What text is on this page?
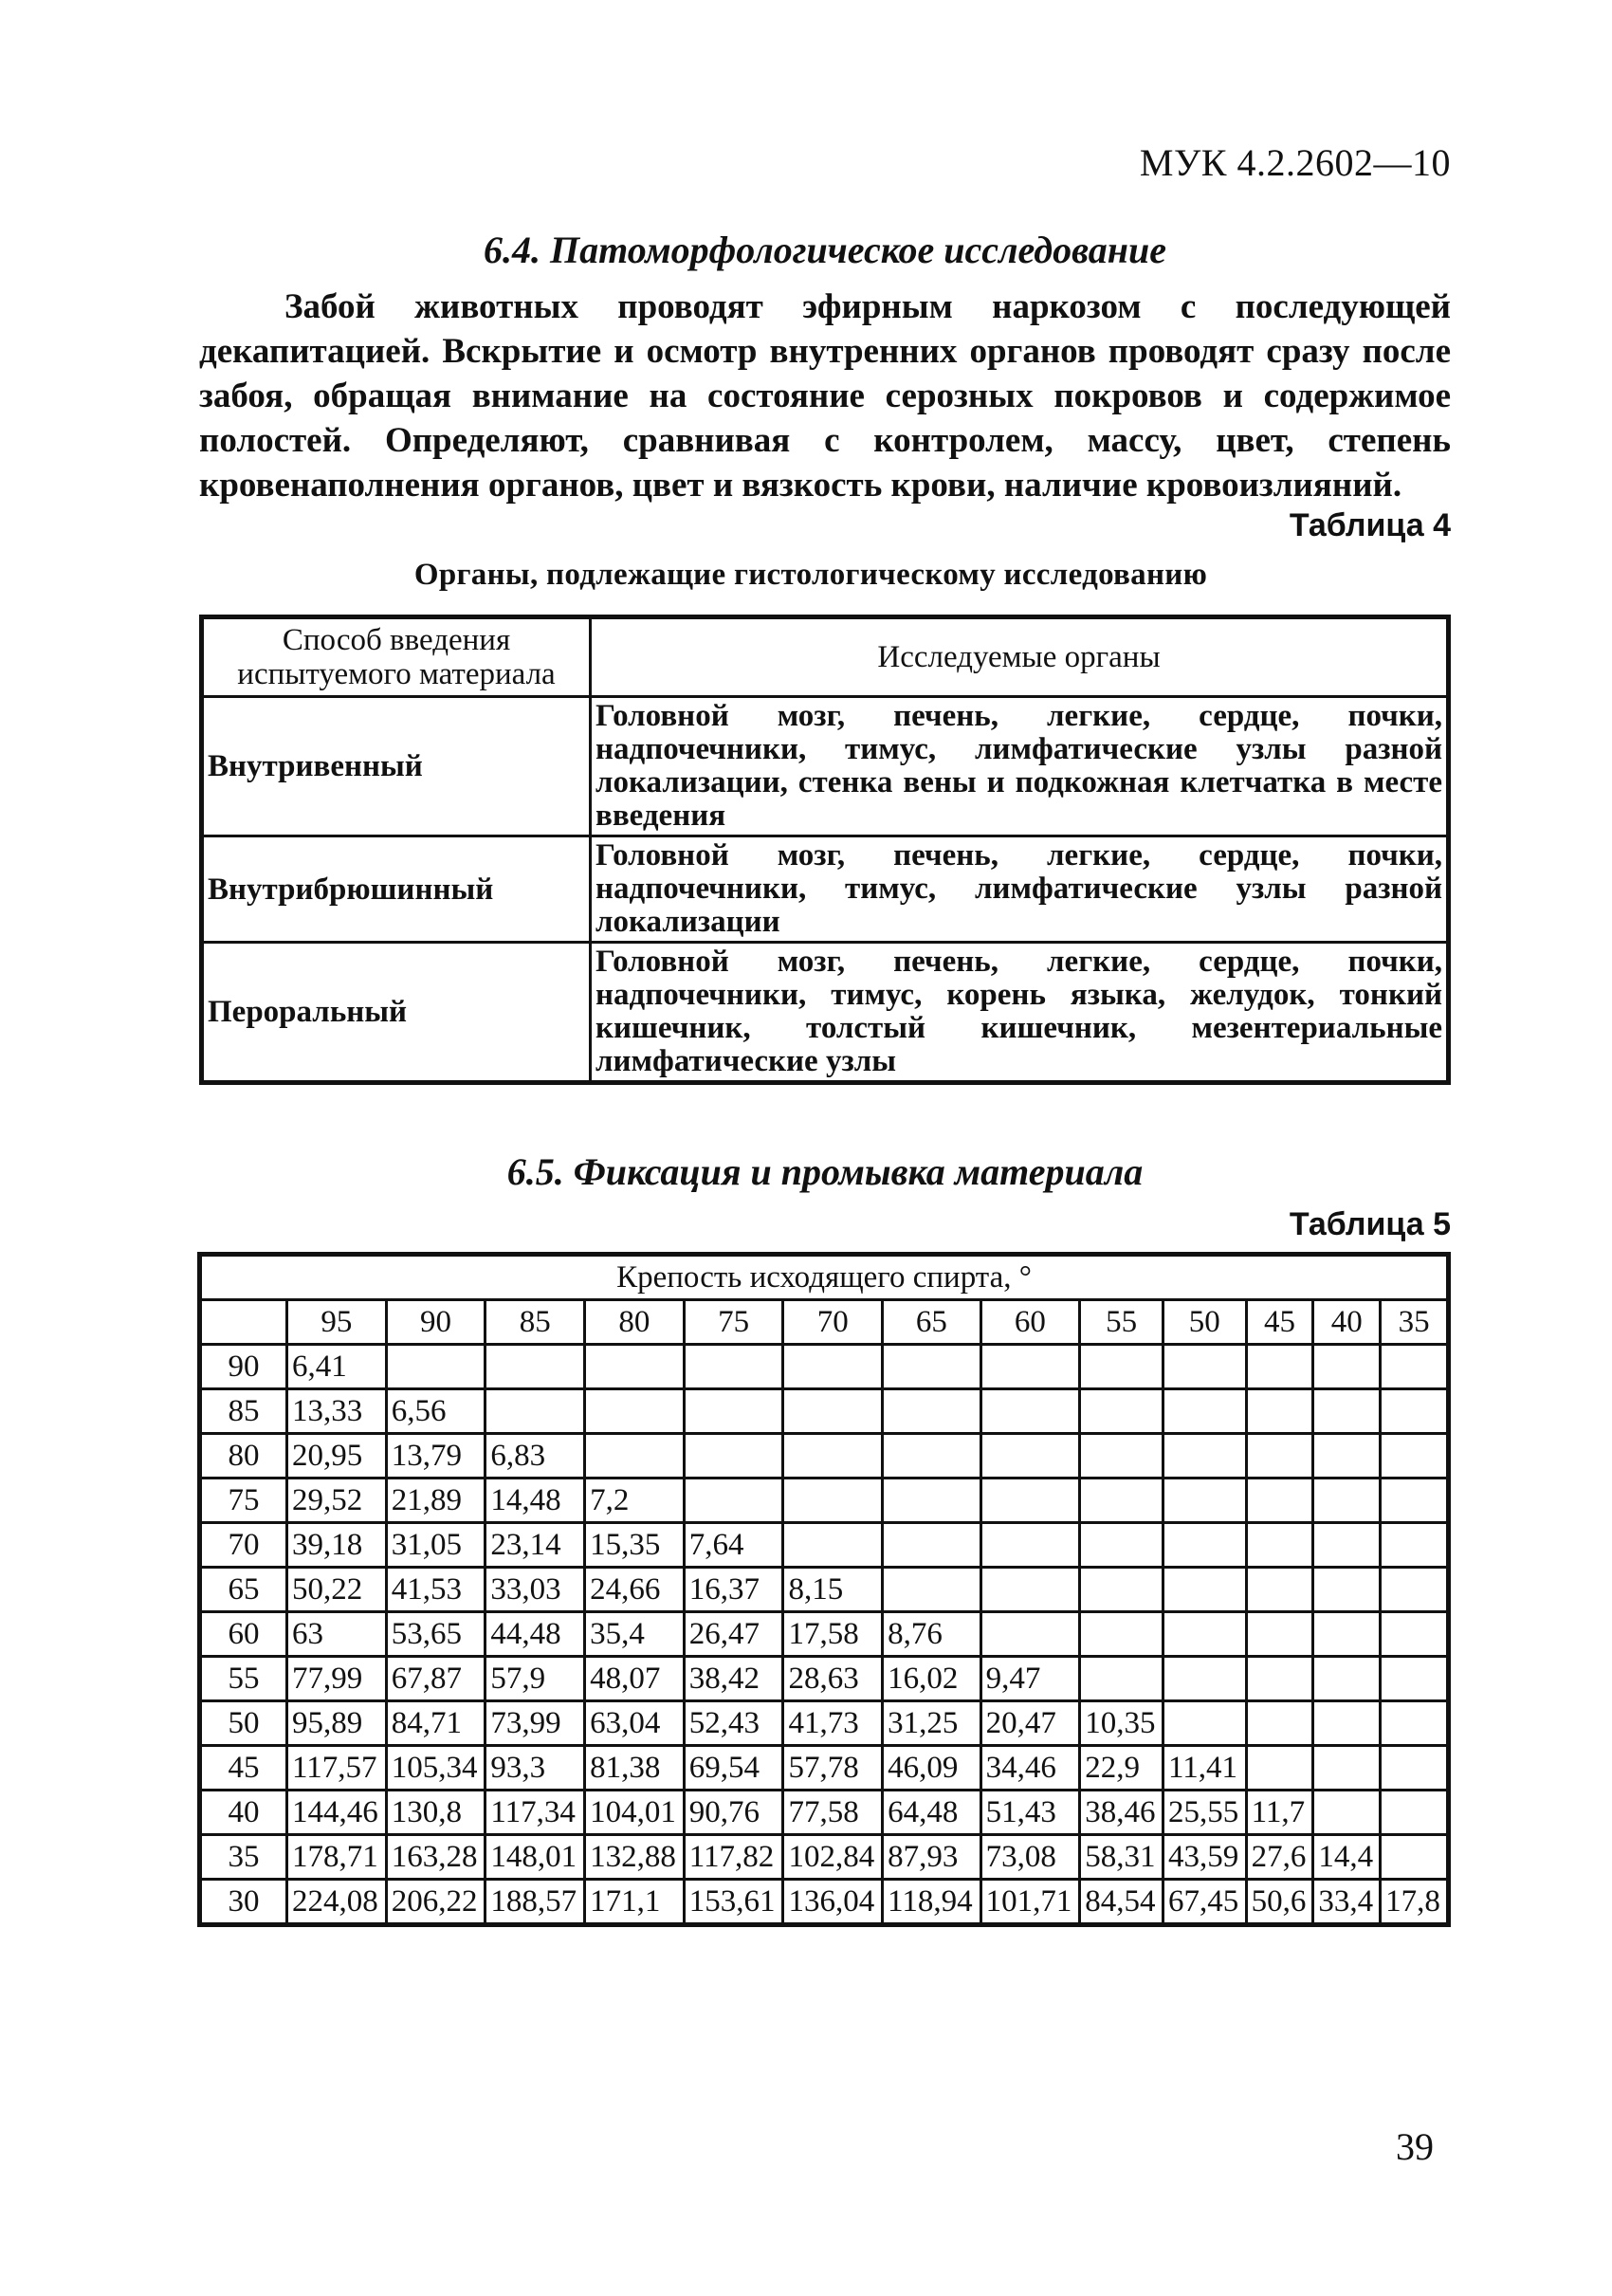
МУК 4.2.2602—10
6.4. Патоморфологическое исследование
Забой животных проводят эфирным наркозом с последующей декапитацией. Вскрытие и осмотр внутренних органов проводят сразу после забоя, обращая внимание на состояние серозных покровов и содержимое полостей. Определяют, сравнивая с контролем, массу, цвет, степень кровенаполнения органов, цвет и вязкость крови, наличие кровоизлияний.
Таблица 4
Органы, подлежащие гистологическому исследованию
Способ введения испытуемого материала	Исследуемые органы
Внутривенный	Головной мозг, печень, легкие, сердце, почки, надпочечники, тимус, лимфатические узлы разной локализации, стенка вены и подкожная клетчатка в месте введения
Внутрибрюшинный	Головной мозг, печень, легкие, сердце, почки, надпочечники, тимус, лимфатические узлы разной локализации
Пероральный	Головной мозг, печень, легкие, сердце, почки, надпочечники, тимус, корень языка, желудок, тонкий кишечник, толстый кишечник, мезентериальные лимфатические узлы
6.5. Фиксация и промывка материала
Таблица 5
Крепость исходящего спирта, °													
	95	90	85	80	75	70	65	60	55	50	45	40	35
90	6,41												
85	13,33	6,56											
80	20,95	13,79	6,83										
75	29,52	21,89	14,48	7,2									
70	39,18	31,05	23,14	15,35	7,64								
65	50,22	41,53	33,03	24,66	16,37	8,15							
60	63	53,65	44,48	35,4	26,47	17,58	8,76						
55	77,99	67,87	57,9	48,07	38,42	28,63	16,02	9,47					
50	95,89	84,71	73,99	63,04	52,43	41,73	31,25	20,47	10,35				
45	117,57	105,34	93,3	81,38	69,54	57,78	46,09	34,46	22,9	11,41			
40	144,46	130,8	117,34	104,01	90,76	77,58	64,48	51,43	38,46	25,55	11,7		
35	178,71	163,28	148,01	132,88	117,82	102,84	87,93	73,08	58,31	43,59	27,6	14,4	
30	224,08	206,22	188,57	171,1	153,61	136,04	118,94	101,71	84,54	67,45	50,6	33,4	17,8
39
